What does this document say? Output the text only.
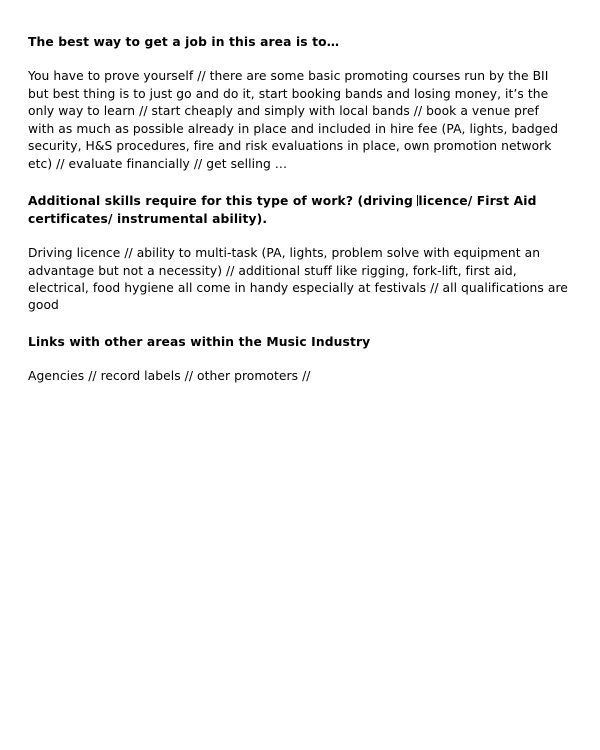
The best way to get a job in this area is to…

You have to prove yourself // there are some basic promoting courses run by the BII but best thing is to just go and do it, start booking bands and losing money, it’s the only way to learn // start cheaply and simply with local bands // book a venue pref with as much as possible already in place and included in hire fee (PA, lights, badged security, H&S procedures, fire and risk evaluations in place, own promotion network etc) // evaluate financially // get selling …

Additional skills require for this type of work? (driving licence/ First Aid certificates/ instrumental ability).

Driving licence // ability to multi-task (PA, lights, problem solve with equipment an advantage but not a necessity) // additional stuff like rigging, fork-lift, first aid, electrical, food hygiene all come in handy especially at festivals // all qualifications are good

Links with other areas within the Music Industry

Agencies // record labels // other promoters //
